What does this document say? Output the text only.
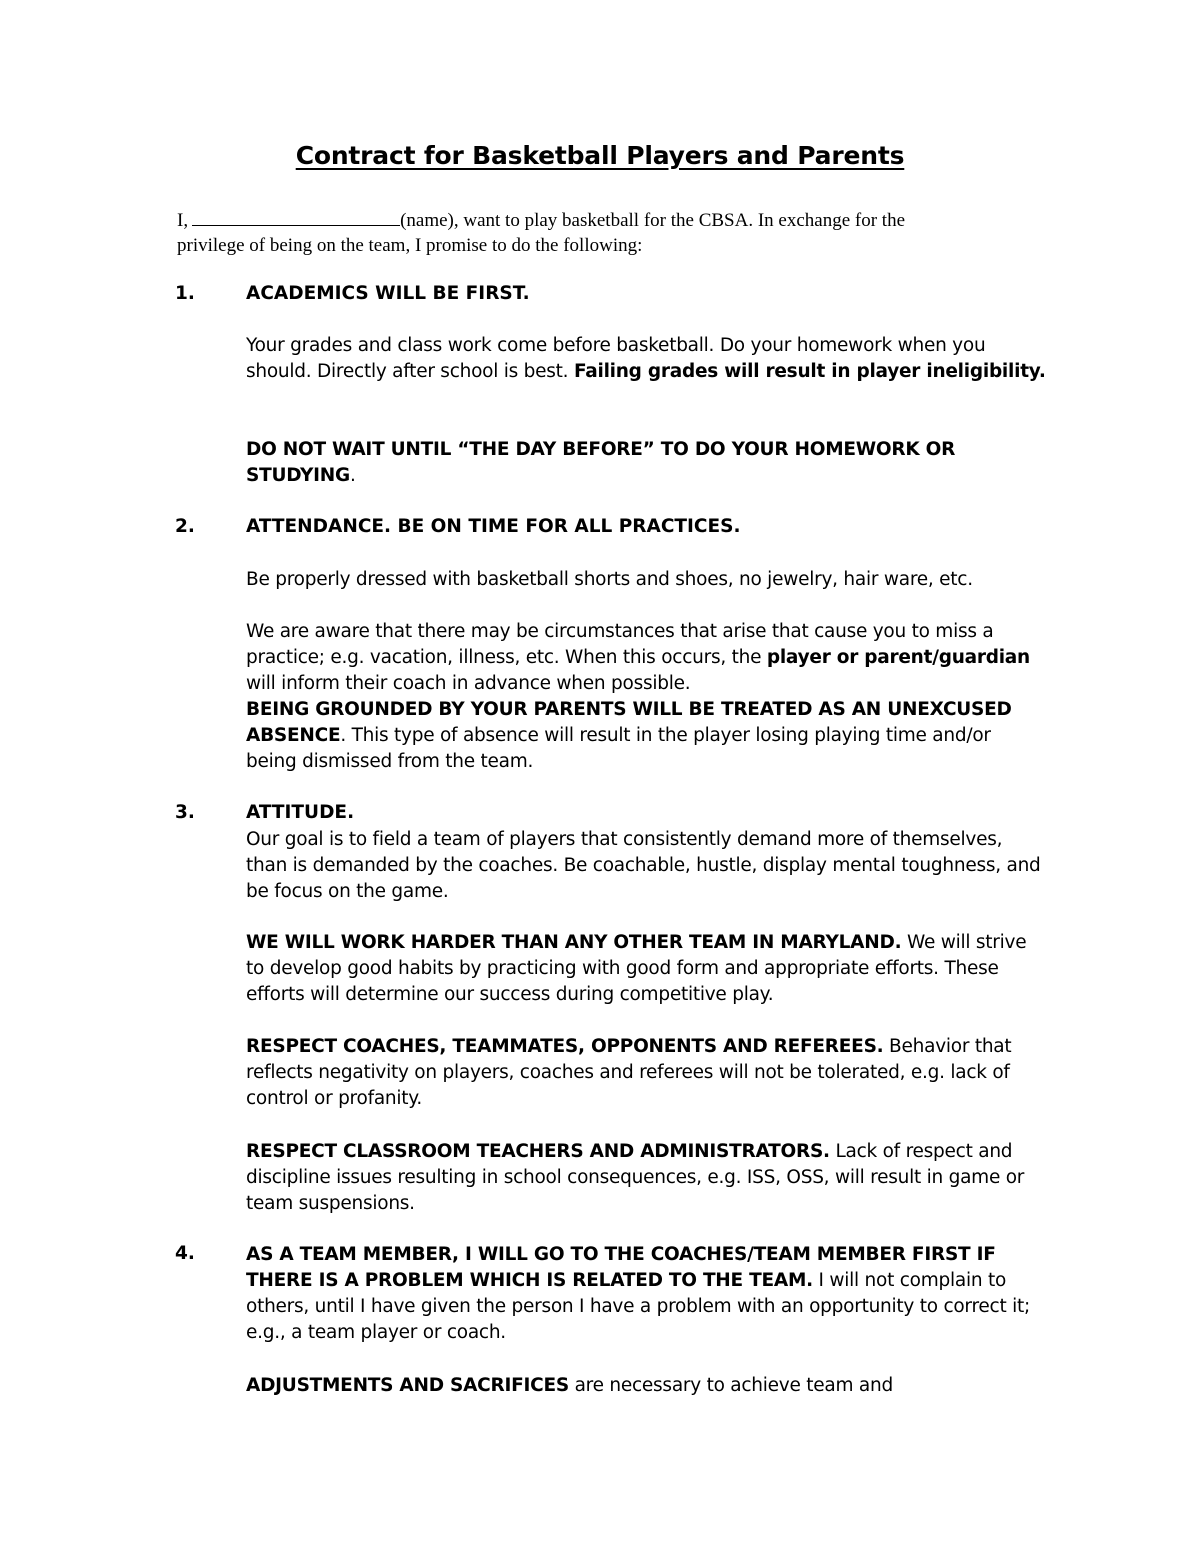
Contract for Basketball Players and Parents
I,	(name), want to play basketball for the CBSA. In exchange for the
privilege of being on the team, I promise to do the following:
1.	ACADEMICS WILL BE FIRST.
Your grades and class work come before basketball. Do your homework when you should. Directly after school is best. Failing grades will result in player ineligibility.
DO NOT WAIT UNTIL “THE DAY BEFORE” TO DO YOUR HOMEWORK OR STUDYING.
2.	ATTENDANCE. BE ON TIME FOR ALL PRACTICES.
Be properly dressed with basketball shorts and shoes, no jewelry, hair ware, etc.
We are aware that there may be circumstances that arise that cause you to miss a practice; e.g. vacation, illness, etc. When this occurs, the player or parent/guardian will inform their coach in advance when possible.
BEING GROUNDED BY YOUR PARENTS WILL BE TREATED AS AN UNEXCUSED ABSENCE. This type of absence will result in the player losing playing time and/or being dismissed from the team.
3.	ATTITUDE.
Our goal is to field a team of players that consistently demand more of themselves, than is demanded by the coaches. Be coachable, hustle, display mental toughness, and be focus on the game.
WE WILL WORK HARDER THAN ANY OTHER TEAM IN MARYLAND. We will strive to develop good habits by practicing with good form and appropriate efforts. These efforts will determine our success during competitive play.
RESPECT COACHES, TEAMMATES, OPPONENTS AND REFEREES. Behavior that reflects negativity on players, coaches and referees will not be tolerated, e.g. lack of control or profanity.
RESPECT CLASSROOM TEACHERS AND ADMINISTRATORS. Lack of respect and discipline issues resulting in school consequences, e.g. ISS, OSS, will result in game or team suspensions.
4.	AS A TEAM MEMBER, I WILL GO TO THE COACHES/TEAM MEMBER FIRST IF THERE IS A PROBLEM WHICH IS RELATED TO THE TEAM. I will not complain to others, until I have given the person I have a problem with an opportunity to correct it; e.g., a team player or coach.
ADJUSTMENTS AND SACRIFICES are necessary to achieve team and
